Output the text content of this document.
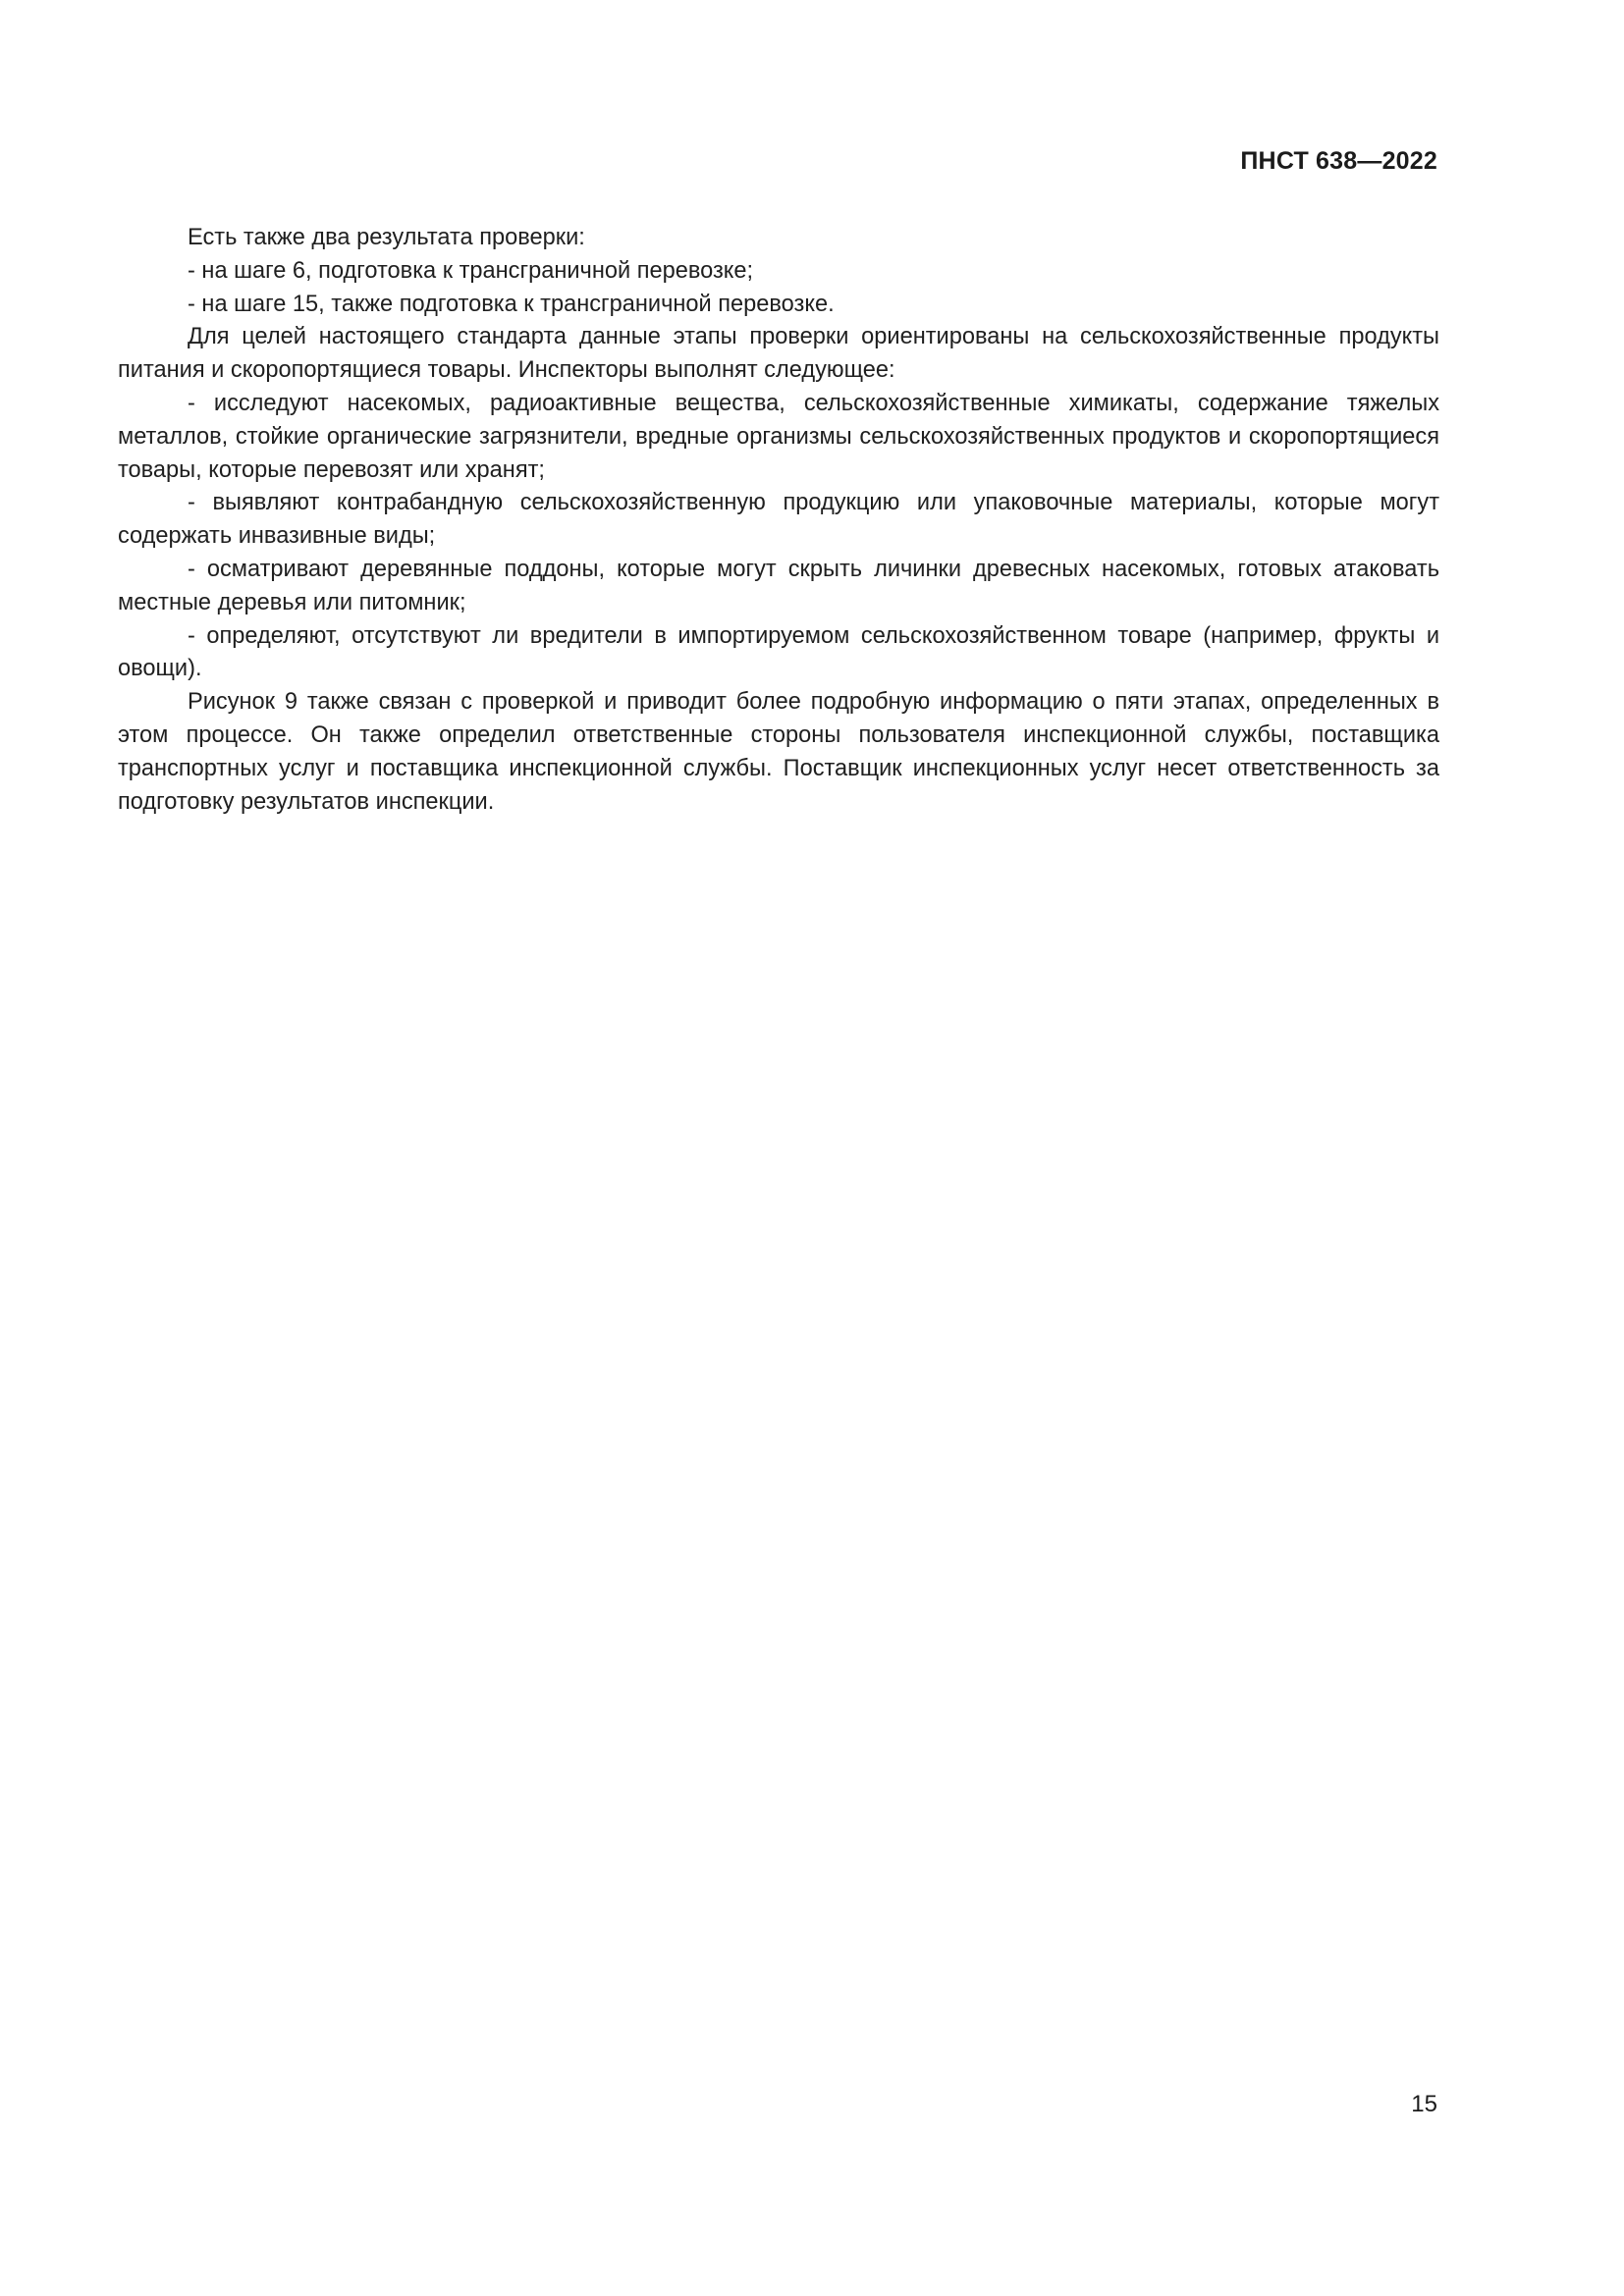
ПНСТ 638—2022

Есть также два результата проверки:

- на шаге 6, подготовка к трансграничной перевозке;

- на шаге 15, также подготовка к трансграничной перевозке.

Для целей настоящего стандарта данные этапы проверки ориентированы на сельскохозяйственные продукты питания и скоропортящиеся товары. Инспекторы выполнят следующее:

- исследуют насекомых, радиоактивные вещества, сельскохозяйственные химикаты, содержание тяжелых металлов, стойкие органические загрязнители, вредные организмы сельскохозяйственных продуктов и скоропортящиеся товары, которые перевозят или хранят;

- выявляют контрабандную сельскохозяйственную продукцию или упаковочные материалы, которые могут содержать инвазивные виды;

- осматривают деревянные поддоны, которые могут скрыть личинки древесных насекомых, готовых атаковать местные деревья или питомник;

- определяют, отсутствуют ли вредители в импортируемом сельскохозяйственном товаре (например, фрукты и овощи).

Рисунок 9 также связан с проверкой и приводит более подробную информацию о пяти этапах, определенных в этом процессе. Он также определил ответственные стороны пользователя инспекционной службы, поставщика транспортных услуг и поставщика инспекционной службы. Поставщик инспекционных услуг несет ответственность за подготовку результатов инспекции.

15
